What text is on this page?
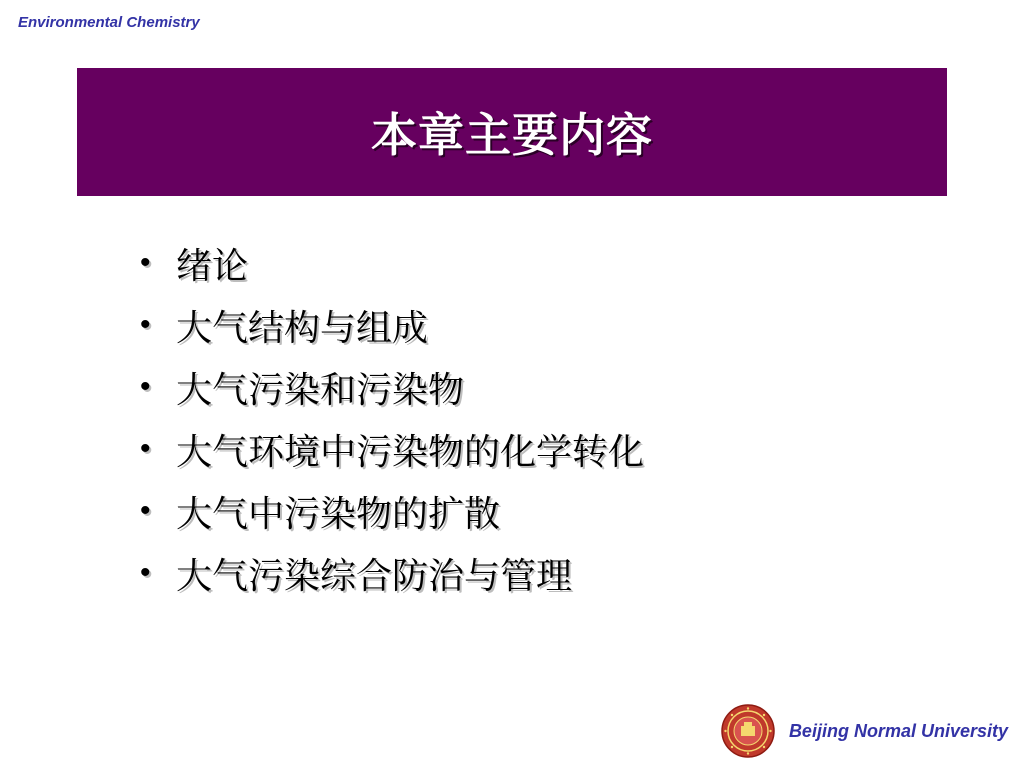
Environmental Chemistry
本章主要内容
• 绪论
• 大气结构与组成
• 大气污染和污染物
• 大气环境中污染物的化学转化
• 大气中污染物的扩散
• 大气污染综合防治与管理
Beijing Normal University
